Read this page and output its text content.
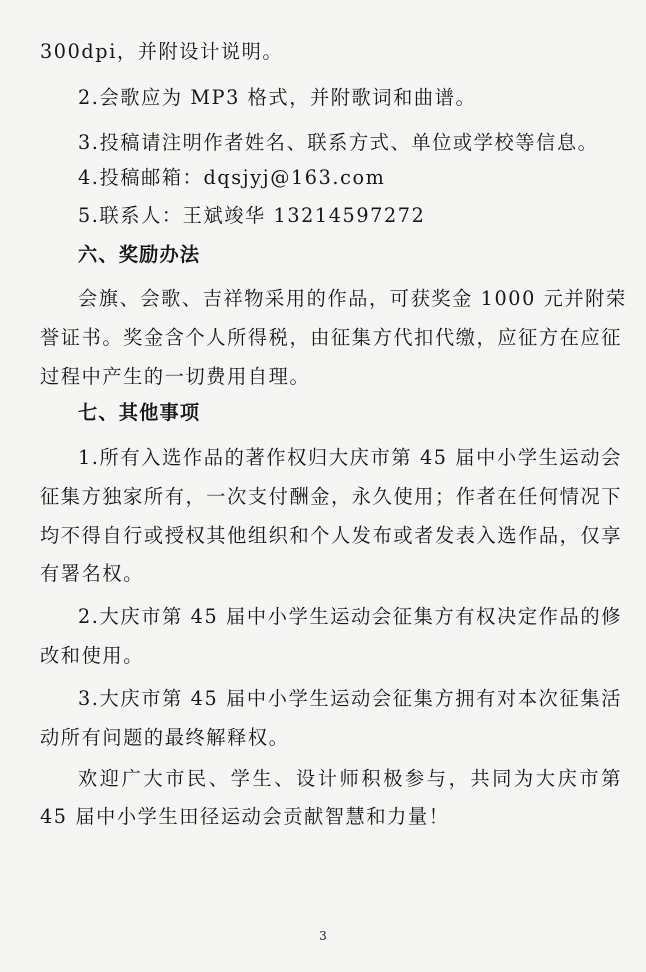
300dpi，并附设计说明。
2.会歌应为 MP3 格式，并附歌词和曲谱。
3.投稿请注明作者姓名、联系方式、单位或学校等信息。
4.投稿邮箱：dqsjyj@163.com
5.联系人：王斌竣华 13214597272
六、奖励办法
会旗、会歌、吉祥物采用的作品，可获奖金 1000 元并附荣
誉证书。奖金含个人所得税，由征集方代扣代缴，应征方在应征
过程中产生的一切费用自理。
七、其他事项
1.所有入选作品的著作权归大庆市第 45 届中小学生运动会
征集方独家所有，一次支付酬金，永久使用；作者在任何情况下
均不得自行或授权其他组织和个人发布或者发表入选作品，仅享
有署名权。
2.大庆市第 45 届中小学生运动会征集方有权决定作品的修
改和使用。
3.大庆市第 45 届中小学生运动会征集方拥有对本次征集活
动所有问题的最终解释权。
欢迎广大市民、学生、设计师积极参与，共同为大庆市第
45 届中小学生田径运动会贡献智慧和力量！
3
